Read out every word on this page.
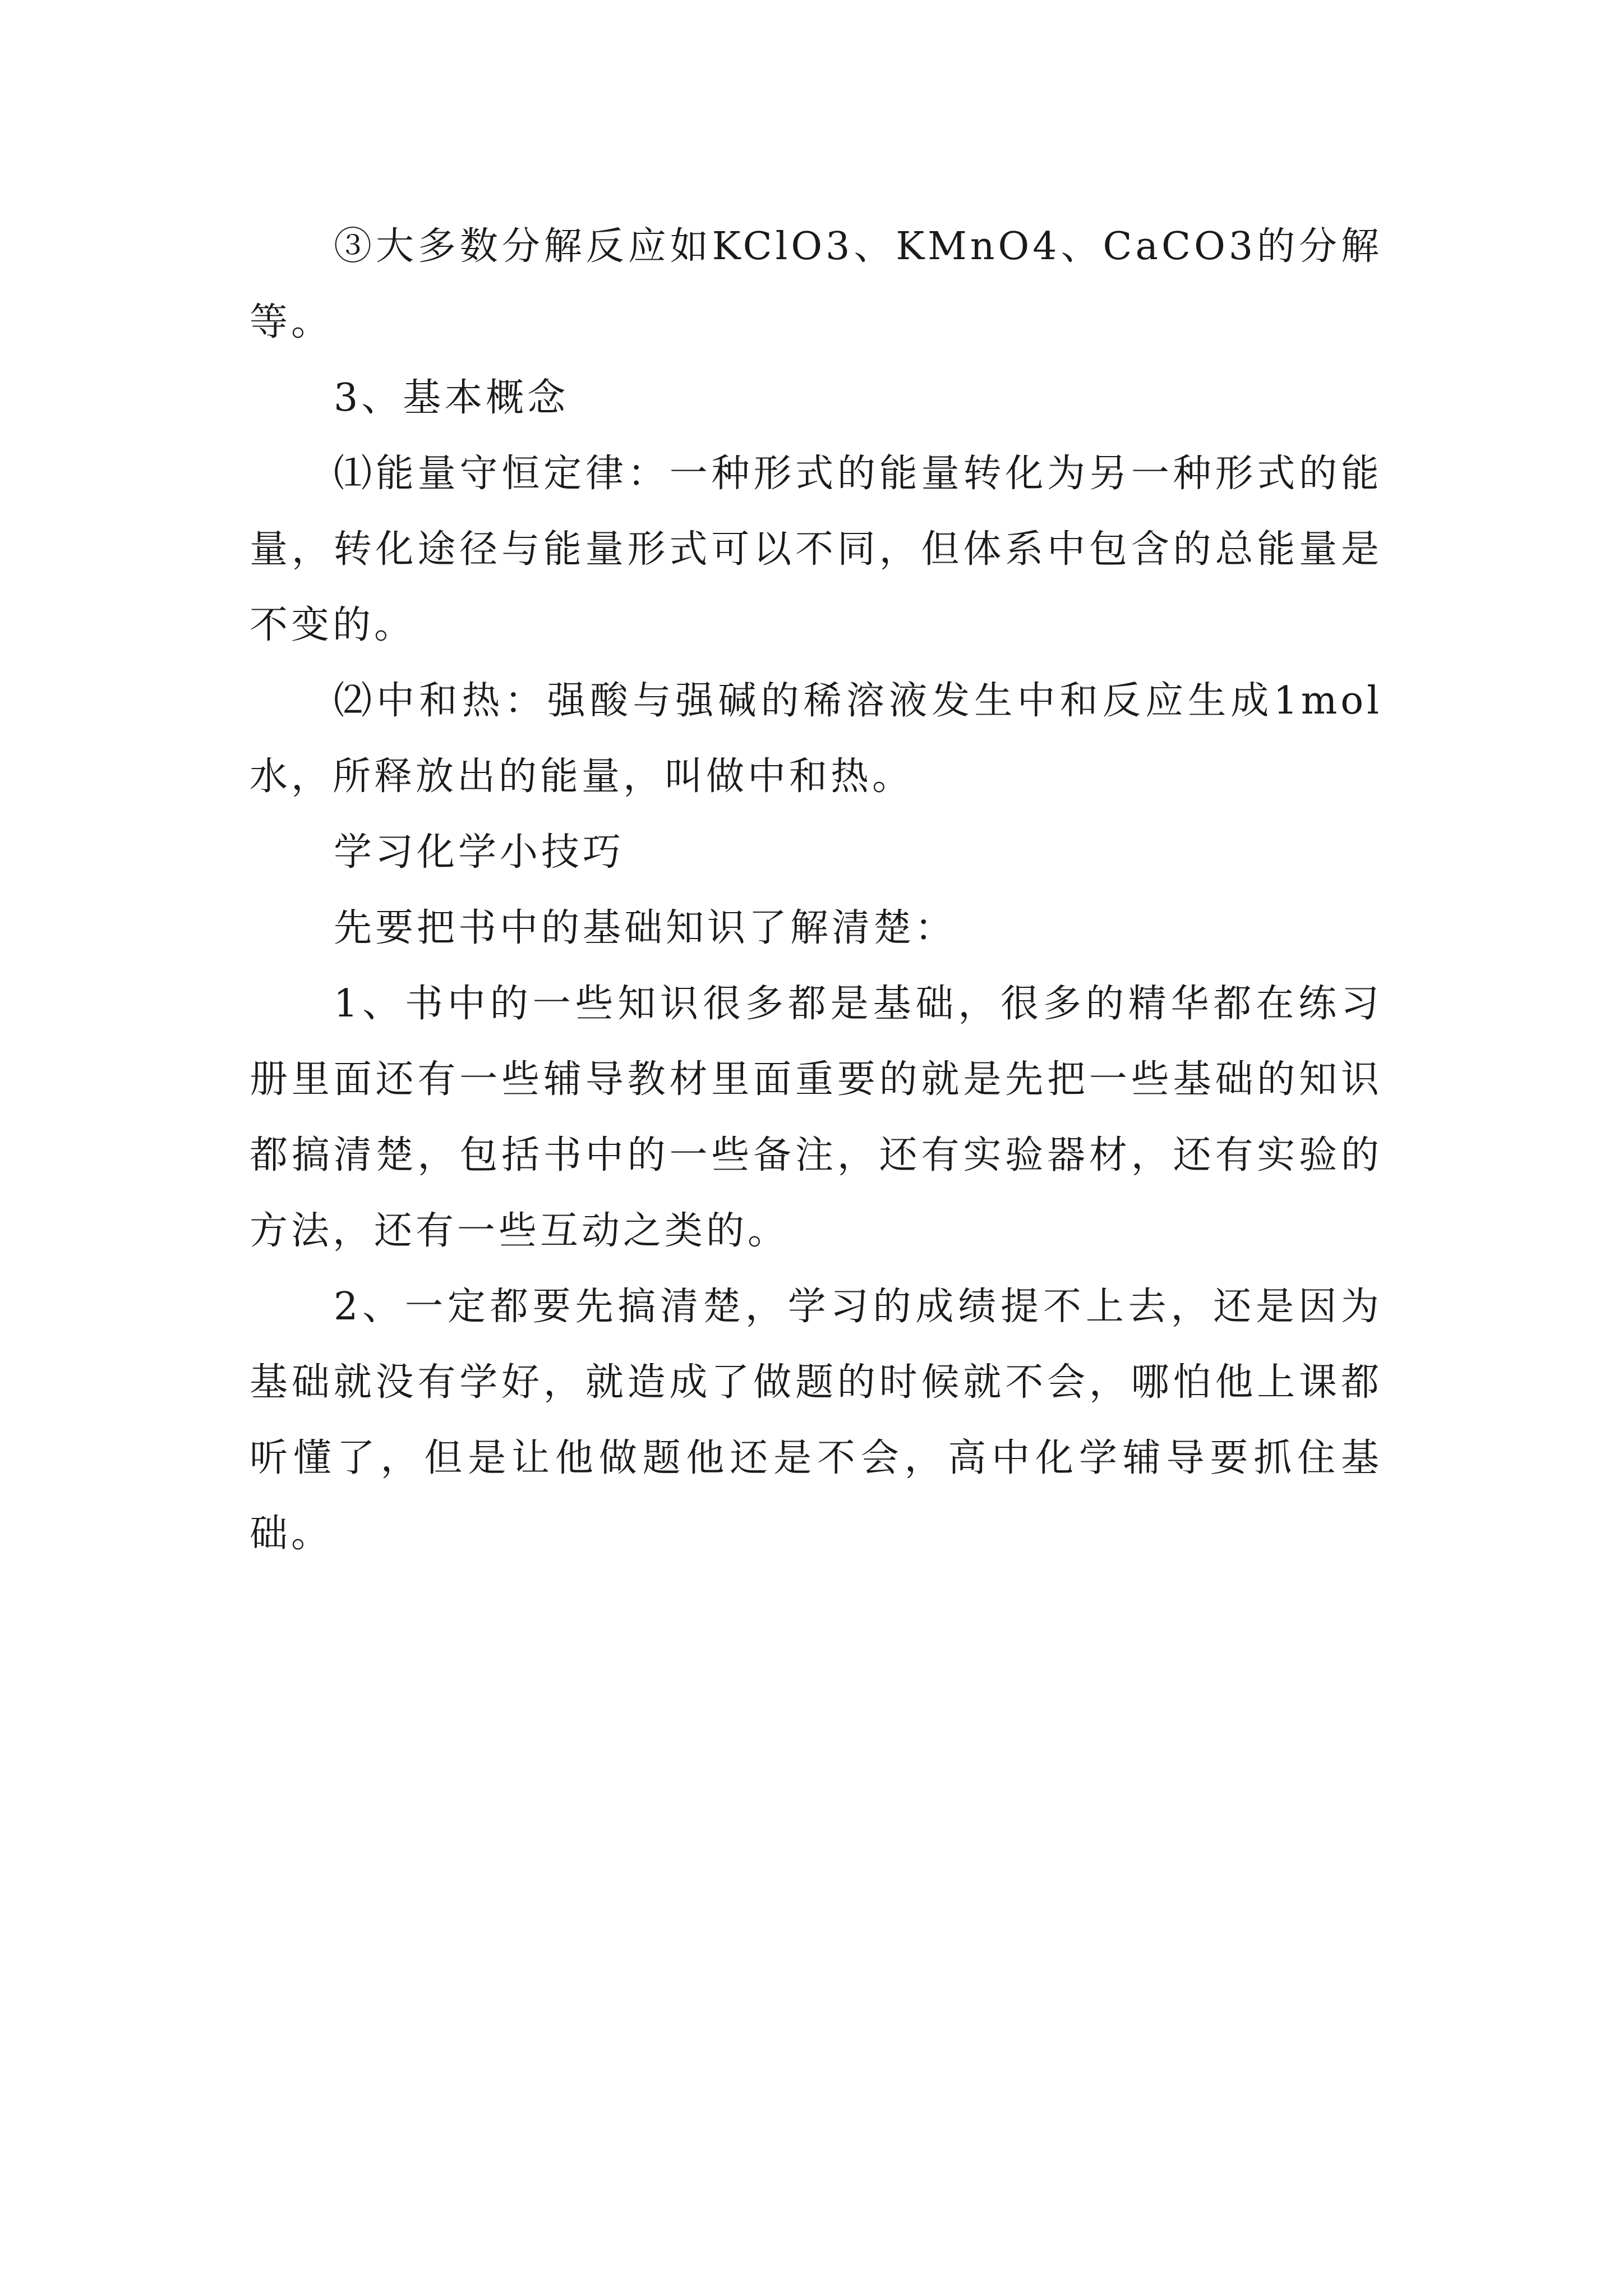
③大多数分解反应如KClO3、KMnO4、CaCO3的分解等。

3、基本概念

⑴能量守恒定律：一种形式的能量转化为另一种形式的能量，转化途径与能量形式可以不同，但体系中包含的总能量是不变的。

⑵中和热：强酸与强碱的稀溶液发生中和反应生成1mol水，所释放出的能量，叫做中和热。

学习化学小技巧

先要把书中的基础知识了解清楚：

1、书中的一些知识很多都是基础，很多的精华都在练习册里面还有一些辅导教材里面重要的就是先把一些基础的知识都搞清楚，包括书中的一些备注，还有实验器材，还有实验的方法，还有一些互动之类的。

2、一定都要先搞清楚，学习的成绩提不上去，还是因为基础就没有学好，就造成了做题的时候就不会，哪怕他上课都听懂了，但是让他做题他还是不会，高中化学辅导要抓住基础。
